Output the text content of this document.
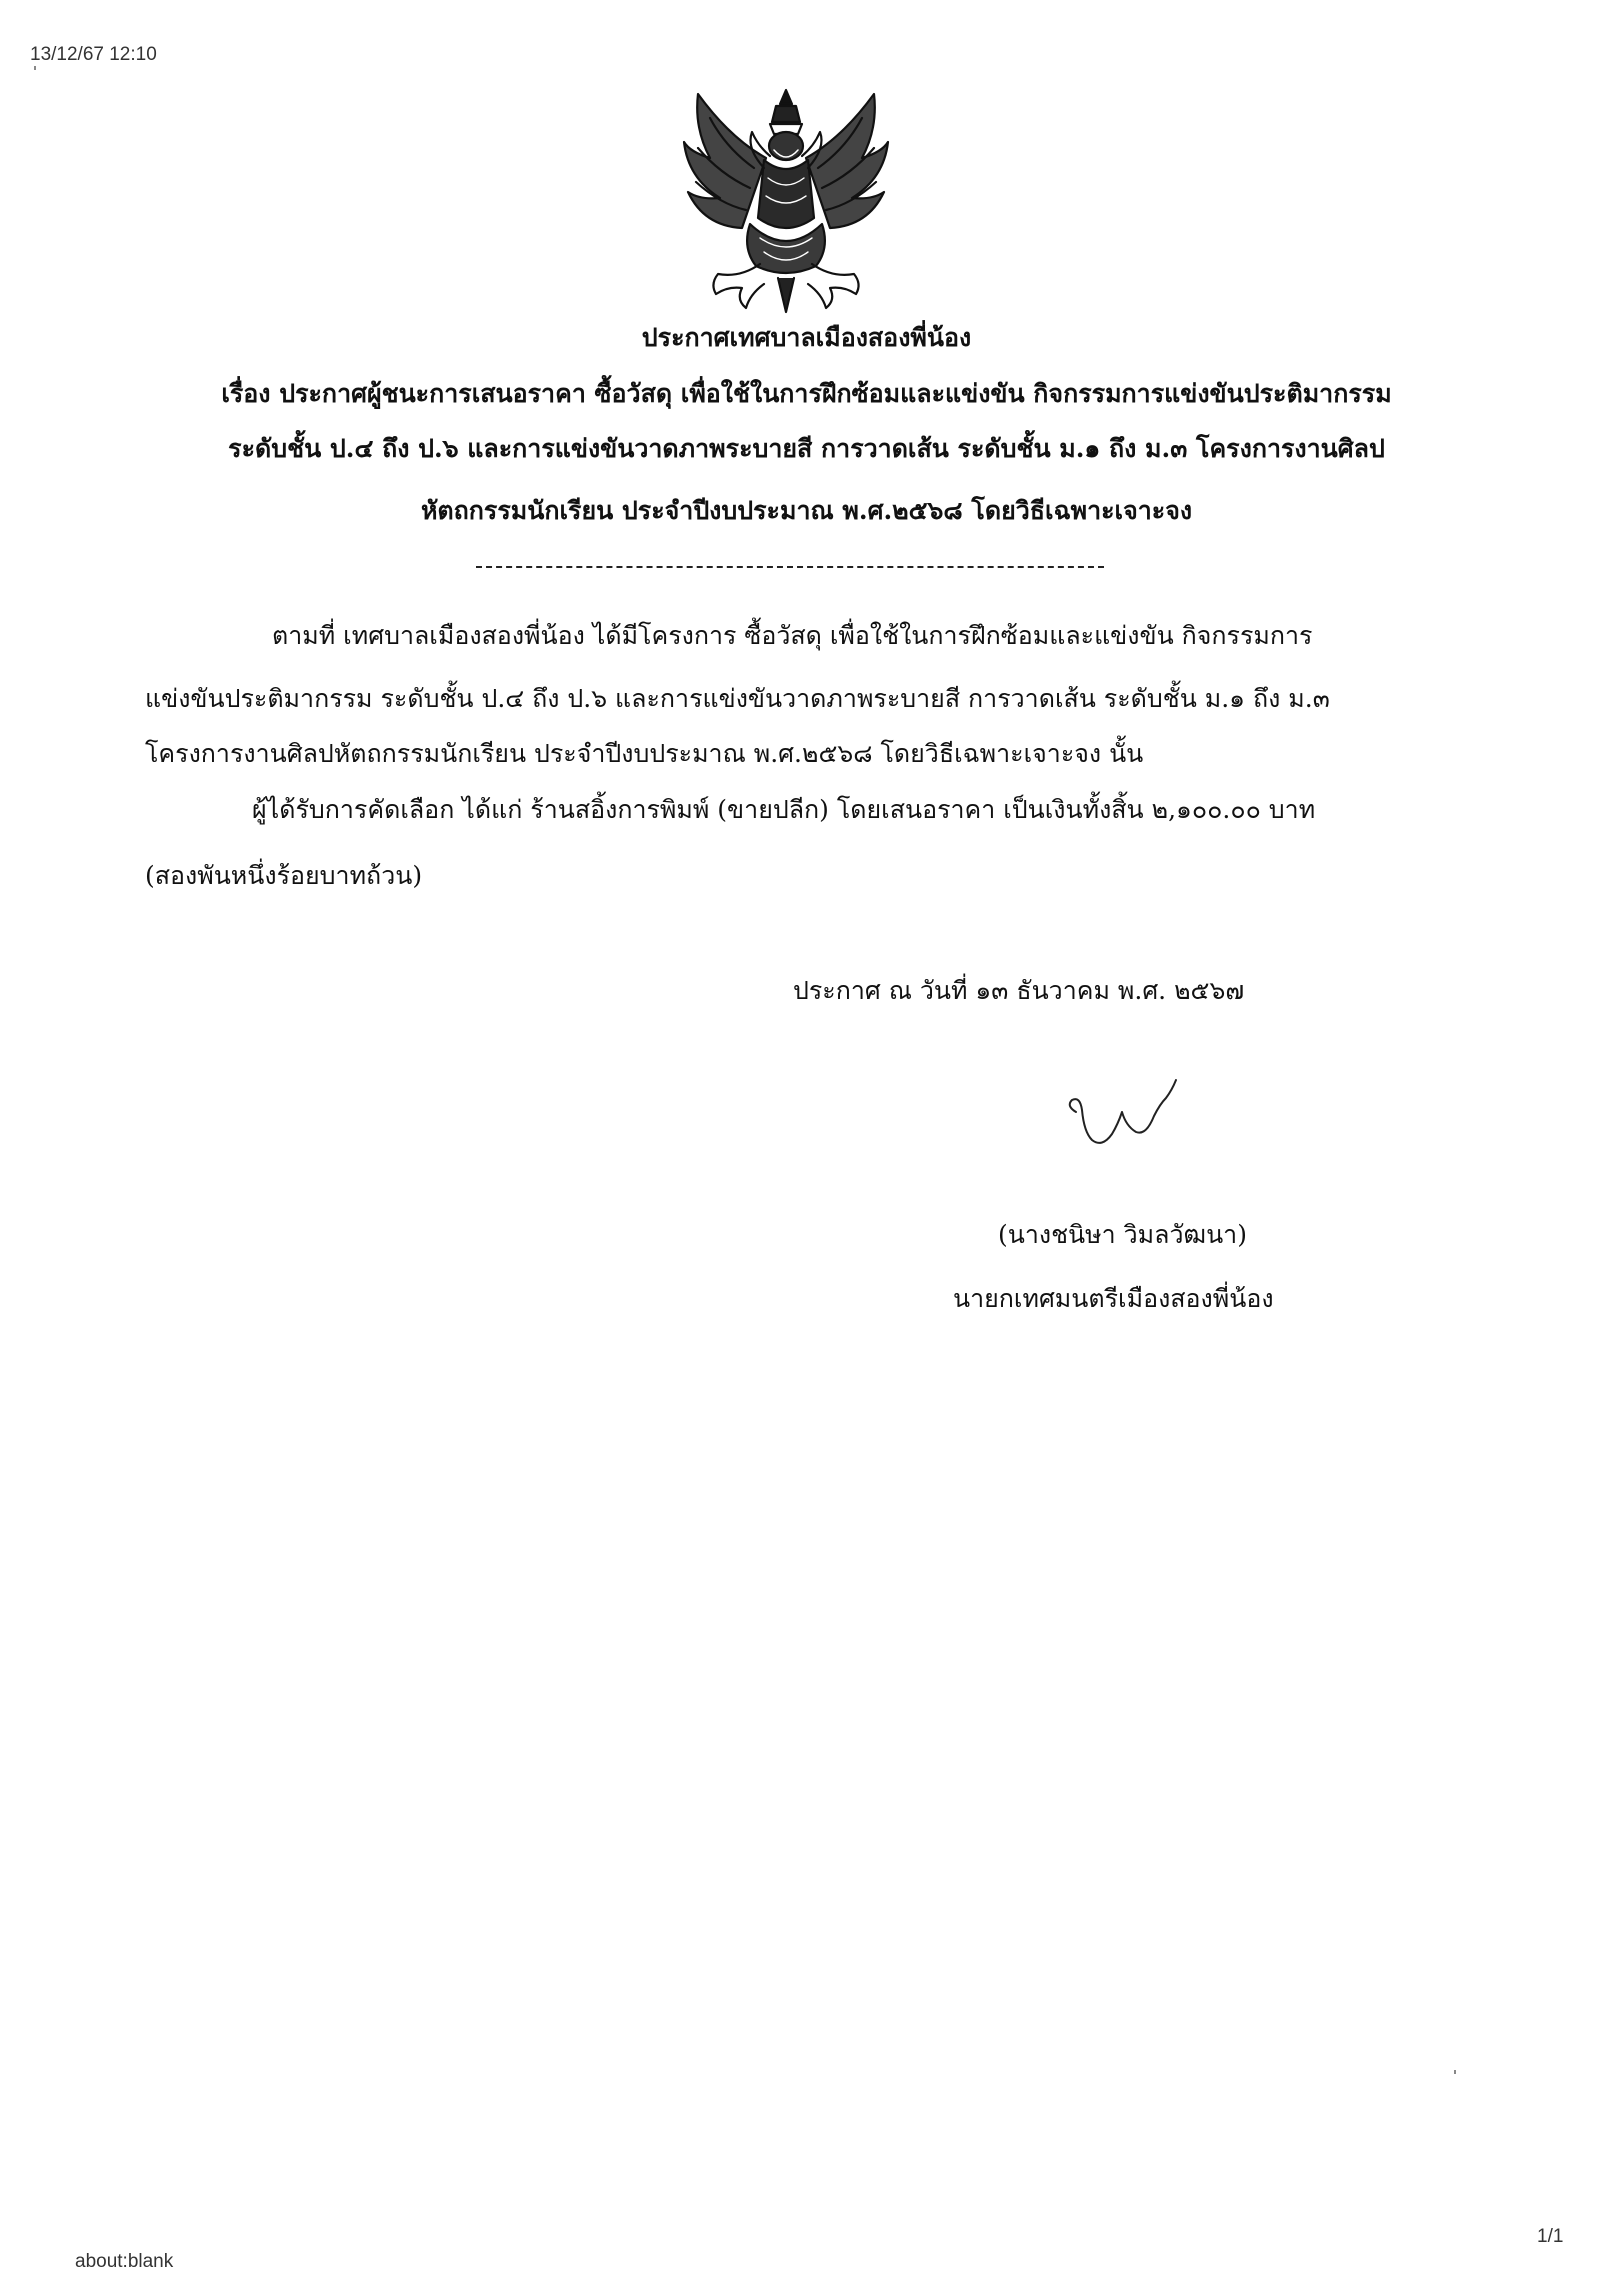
13/12/67 12:10
ประกาศเทศบาลเมืองสองพี่น้อง
เรื่อง ประกาศผู้ชนะการเสนอราคา ซื้อวัสดุ เพื่อใช้ในการฝึกซ้อมและแข่งขัน กิจกรรมการแข่งขันประติมากรรม
ระดับชั้น ป.๔ ถึง ป.๖ และการแข่งขันวาดภาพระบายสี การวาดเส้น ระดับชั้น ม.๑ ถึง ม.๓ โครงการงานศิลป
หัตถกรรมนักเรียน ประจำปีงบประมาณ พ.ศ.๒๕๖๘ โดยวิธีเฉพาะเจาะจง
ตามที่ เทศบาลเมืองสองพี่น้อง ได้มีโครงการ ซื้อวัสดุ เพื่อใช้ในการฝึกซ้อมและแข่งขัน กิจกรรมการ
แข่งขันประติมากรรม ระดับชั้น ป.๔ ถึง ป.๖ และการแข่งขันวาดภาพระบายสี การวาดเส้น ระดับชั้น ม.๑ ถึง ม.๓
โครงการงานศิลปหัตถกรรมนักเรียน ประจำปีงบประมาณ พ.ศ.๒๕๖๘ โดยวิธีเฉพาะเจาะจง นั้น
ผู้ได้รับการคัดเลือก ได้แก่ ร้านสอิ้งการพิมพ์ (ขายปลีก) โดยเสนอราคา เป็นเงินทั้งสิ้น ๒,๑๐๐.๐๐ บาท
(สองพันหนึ่งร้อยบาทถ้วน)
ประกาศ ณ วันที่ ๑๓ ธันวาคม พ.ศ. ๒๕๖๗
(นางชนิษา วิมลวัฒนา)
นายกเทศมนตรีเมืองสองพี่น้อง
about:blank
1/1
